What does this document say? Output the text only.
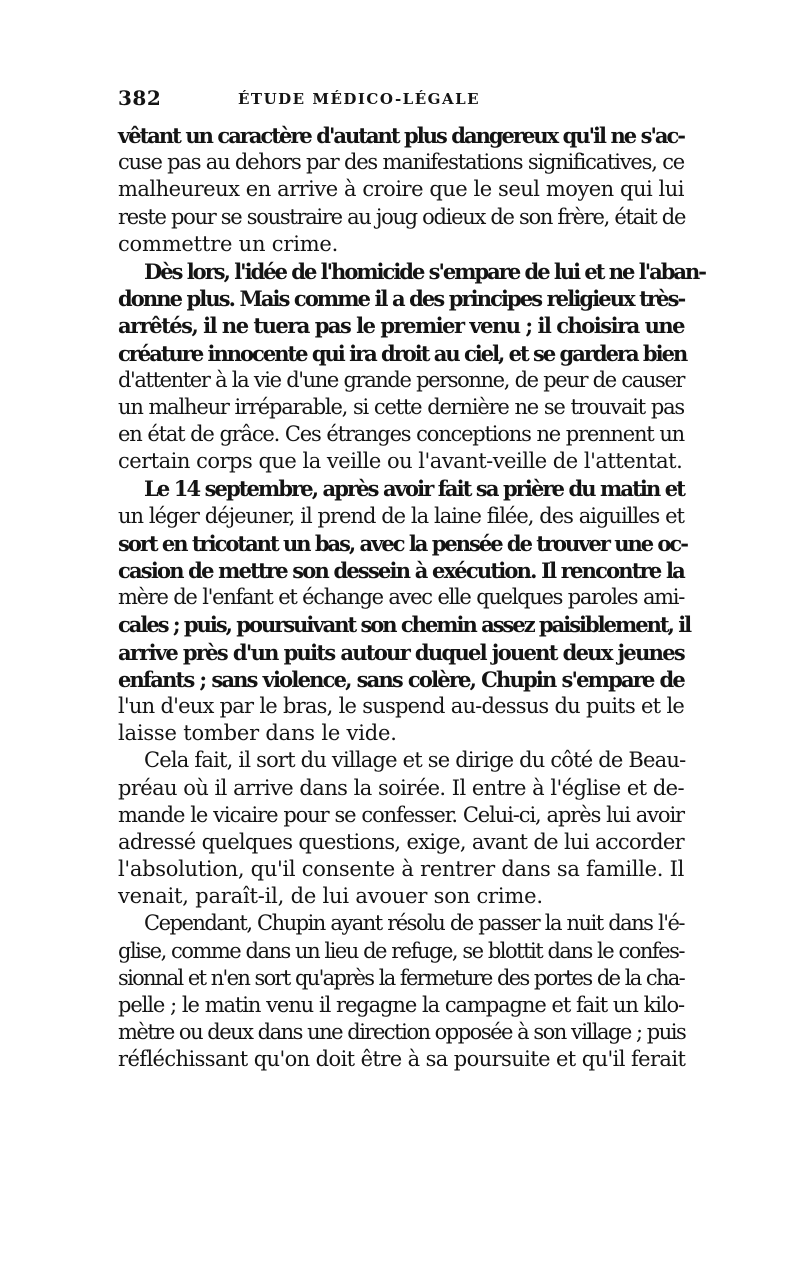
382	ÉTUDE MÉDICO-LÉGALE
vêtant un caractère d'autant plus dangereux qu'il ne s'ac-
cuse pas au dehors par des manifestations significatives, ce
malheureux en arrive à croire que le seul moyen qui lui
reste pour se soustraire au joug odieux de son frère, était de
commettre un crime.
Dès lors, l'idée de l'homicide s'empare de lui et ne l'aban-
donne plus. Mais comme il a des principes religieux très-
arrêtés, il ne tuera pas le premier venu ; il choisira une
créature innocente qui ira droit au ciel, et se gardera bien
d'attenter à la vie d'une grande personne, de peur de causer
un malheur irréparable, si cette dernière ne se trouvait pas
en état de grâce. Ces étranges conceptions ne prennent un
certain corps que la veille ou l'avant-veille de l'attentat.
Le 14 septembre, après avoir fait sa prière du matin et
un léger déjeuner, il prend de la laine filée, des aiguilles et
sort en tricotant un bas, avec la pensée de trouver une oc-
casion de mettre son dessein à exécution. Il rencontre la
mère de l'enfant et échange avec elle quelques paroles ami-
cales ; puis, poursuivant son chemin assez paisiblement, il
arrive près d'un puits autour duquel jouent deux jeunes
enfants ; sans violence, sans colère, Chupin s'empare de
l'un d'eux par le bras, le suspend au-dessus du puits et le
laisse tomber dans le vide.
Cela fait, il sort du village et se dirige du côté de Beau-
préau où il arrive dans la soirée. Il entre à l'église et de-
mande le vicaire pour se confesser. Celui-ci, après lui avoir
adressé quelques questions, exige, avant de lui accorder
l'absolution, qu'il consente à rentrer dans sa famille. Il
venait, paraît-il, de lui avouer son crime.
Cependant, Chupin ayant résolu de passer la nuit dans l'é-
glise, comme dans un lieu de refuge, se blottit dans le confes-
sionnal et n'en sort qu'après la fermeture des portes de la cha-
pelle ; le matin venu il regagne la campagne et fait un kilo-
mètre ou deux dans une direction opposée à son village ; puis
réfléchissant qu'on doit être à sa poursuite et qu'il ferait
